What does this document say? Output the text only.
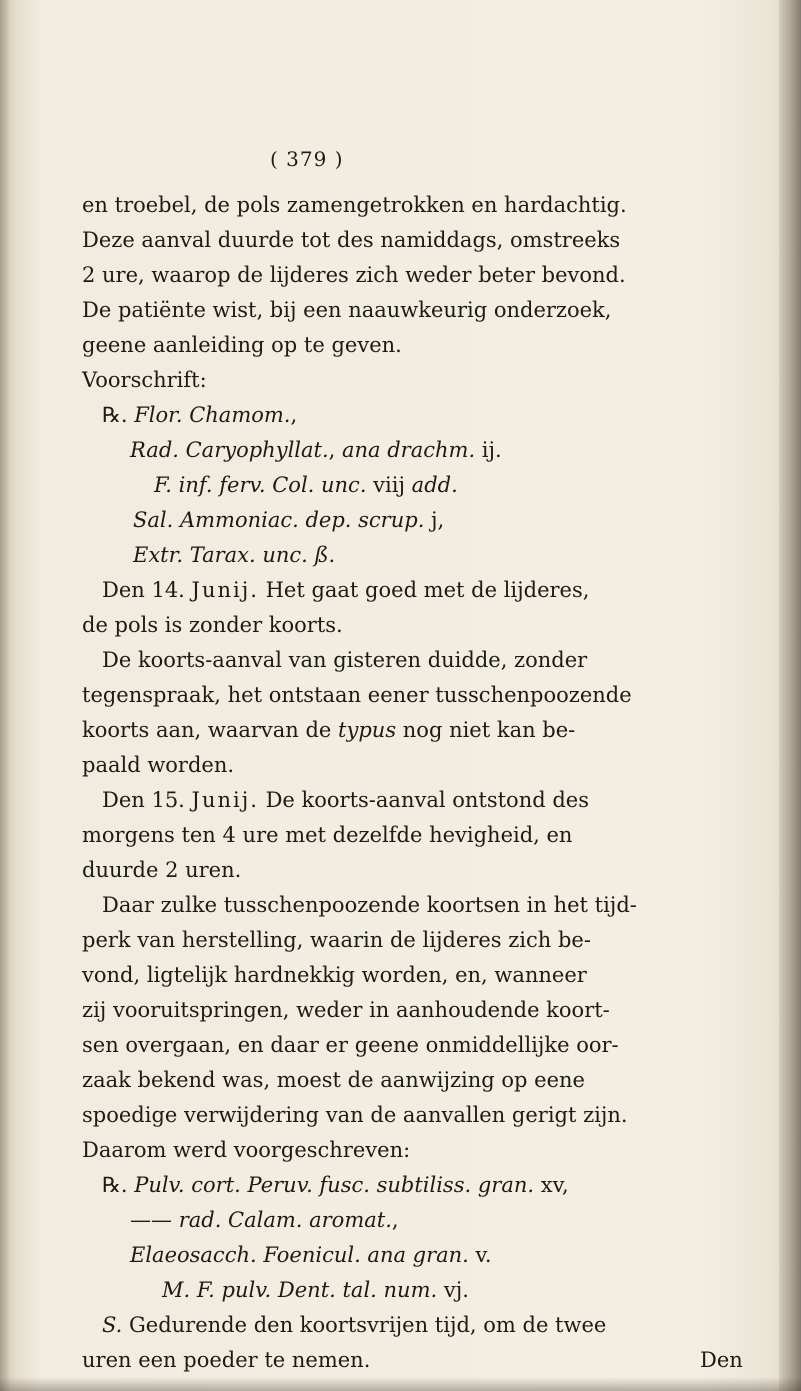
( 379 )
en troebel, de pols zamengetrokken en hardachtig.
Deze aanval duurde tot des namiddags, omstreeks
2 ure, waarop de lijderes zich weder beter bevond.
De patiënte wist, bij een naauwkeurig onderzoek,
geene aanleiding op te geven.
Voorschrift:
℞. Flor. Chamom.,
Rad. Caryophyllat., ana drachm. ij.
F. inf. ferv. Col. unc. viij add.
Sal. Ammoniac. dep. scrup. j,
Extr. Tarax. unc. ß.
Den 14. Junij. Het gaat goed met de lijderes,
de pols is zonder koorts.
De koorts-aanval van gisteren duidde, zonder
tegenspraak, het ontstaan eener tusschenpoozende
koorts aan, waarvan de typus nog niet kan be-
paald worden.
Den 15. Junij. De koorts-aanval ontstond des
morgens ten 4 ure met dezelfde hevigheid, en
duurde 2 uren.
Daar zulke tusschenpoozende koortsen in het tijd-
perk van herstelling, waarin de lijderes zich be-
vond, ligtelijk hardnekkig worden, en, wanneer
zij vooruitspringen, weder in aanhoudende koort-
sen overgaan, en daar er geene onmiddellijke oor-
zaak bekend was, moest de aanwijzing op eene
spoedige verwijdering van de aanvallen gerigt zijn.
Daarom werd voorgeschreven:
℞. Pulv. cort. Peruv. fusc. subtiliss. gran. xv,
—— rad. Calam. aromat.,
Elaeosacch. Foenicul. ana gran. v.
M. F. pulv. Dent. tal. num. vj.
S. Gedurende den koortsvrijen tijd, om de twee
uren een poeder te nemen.	Den
